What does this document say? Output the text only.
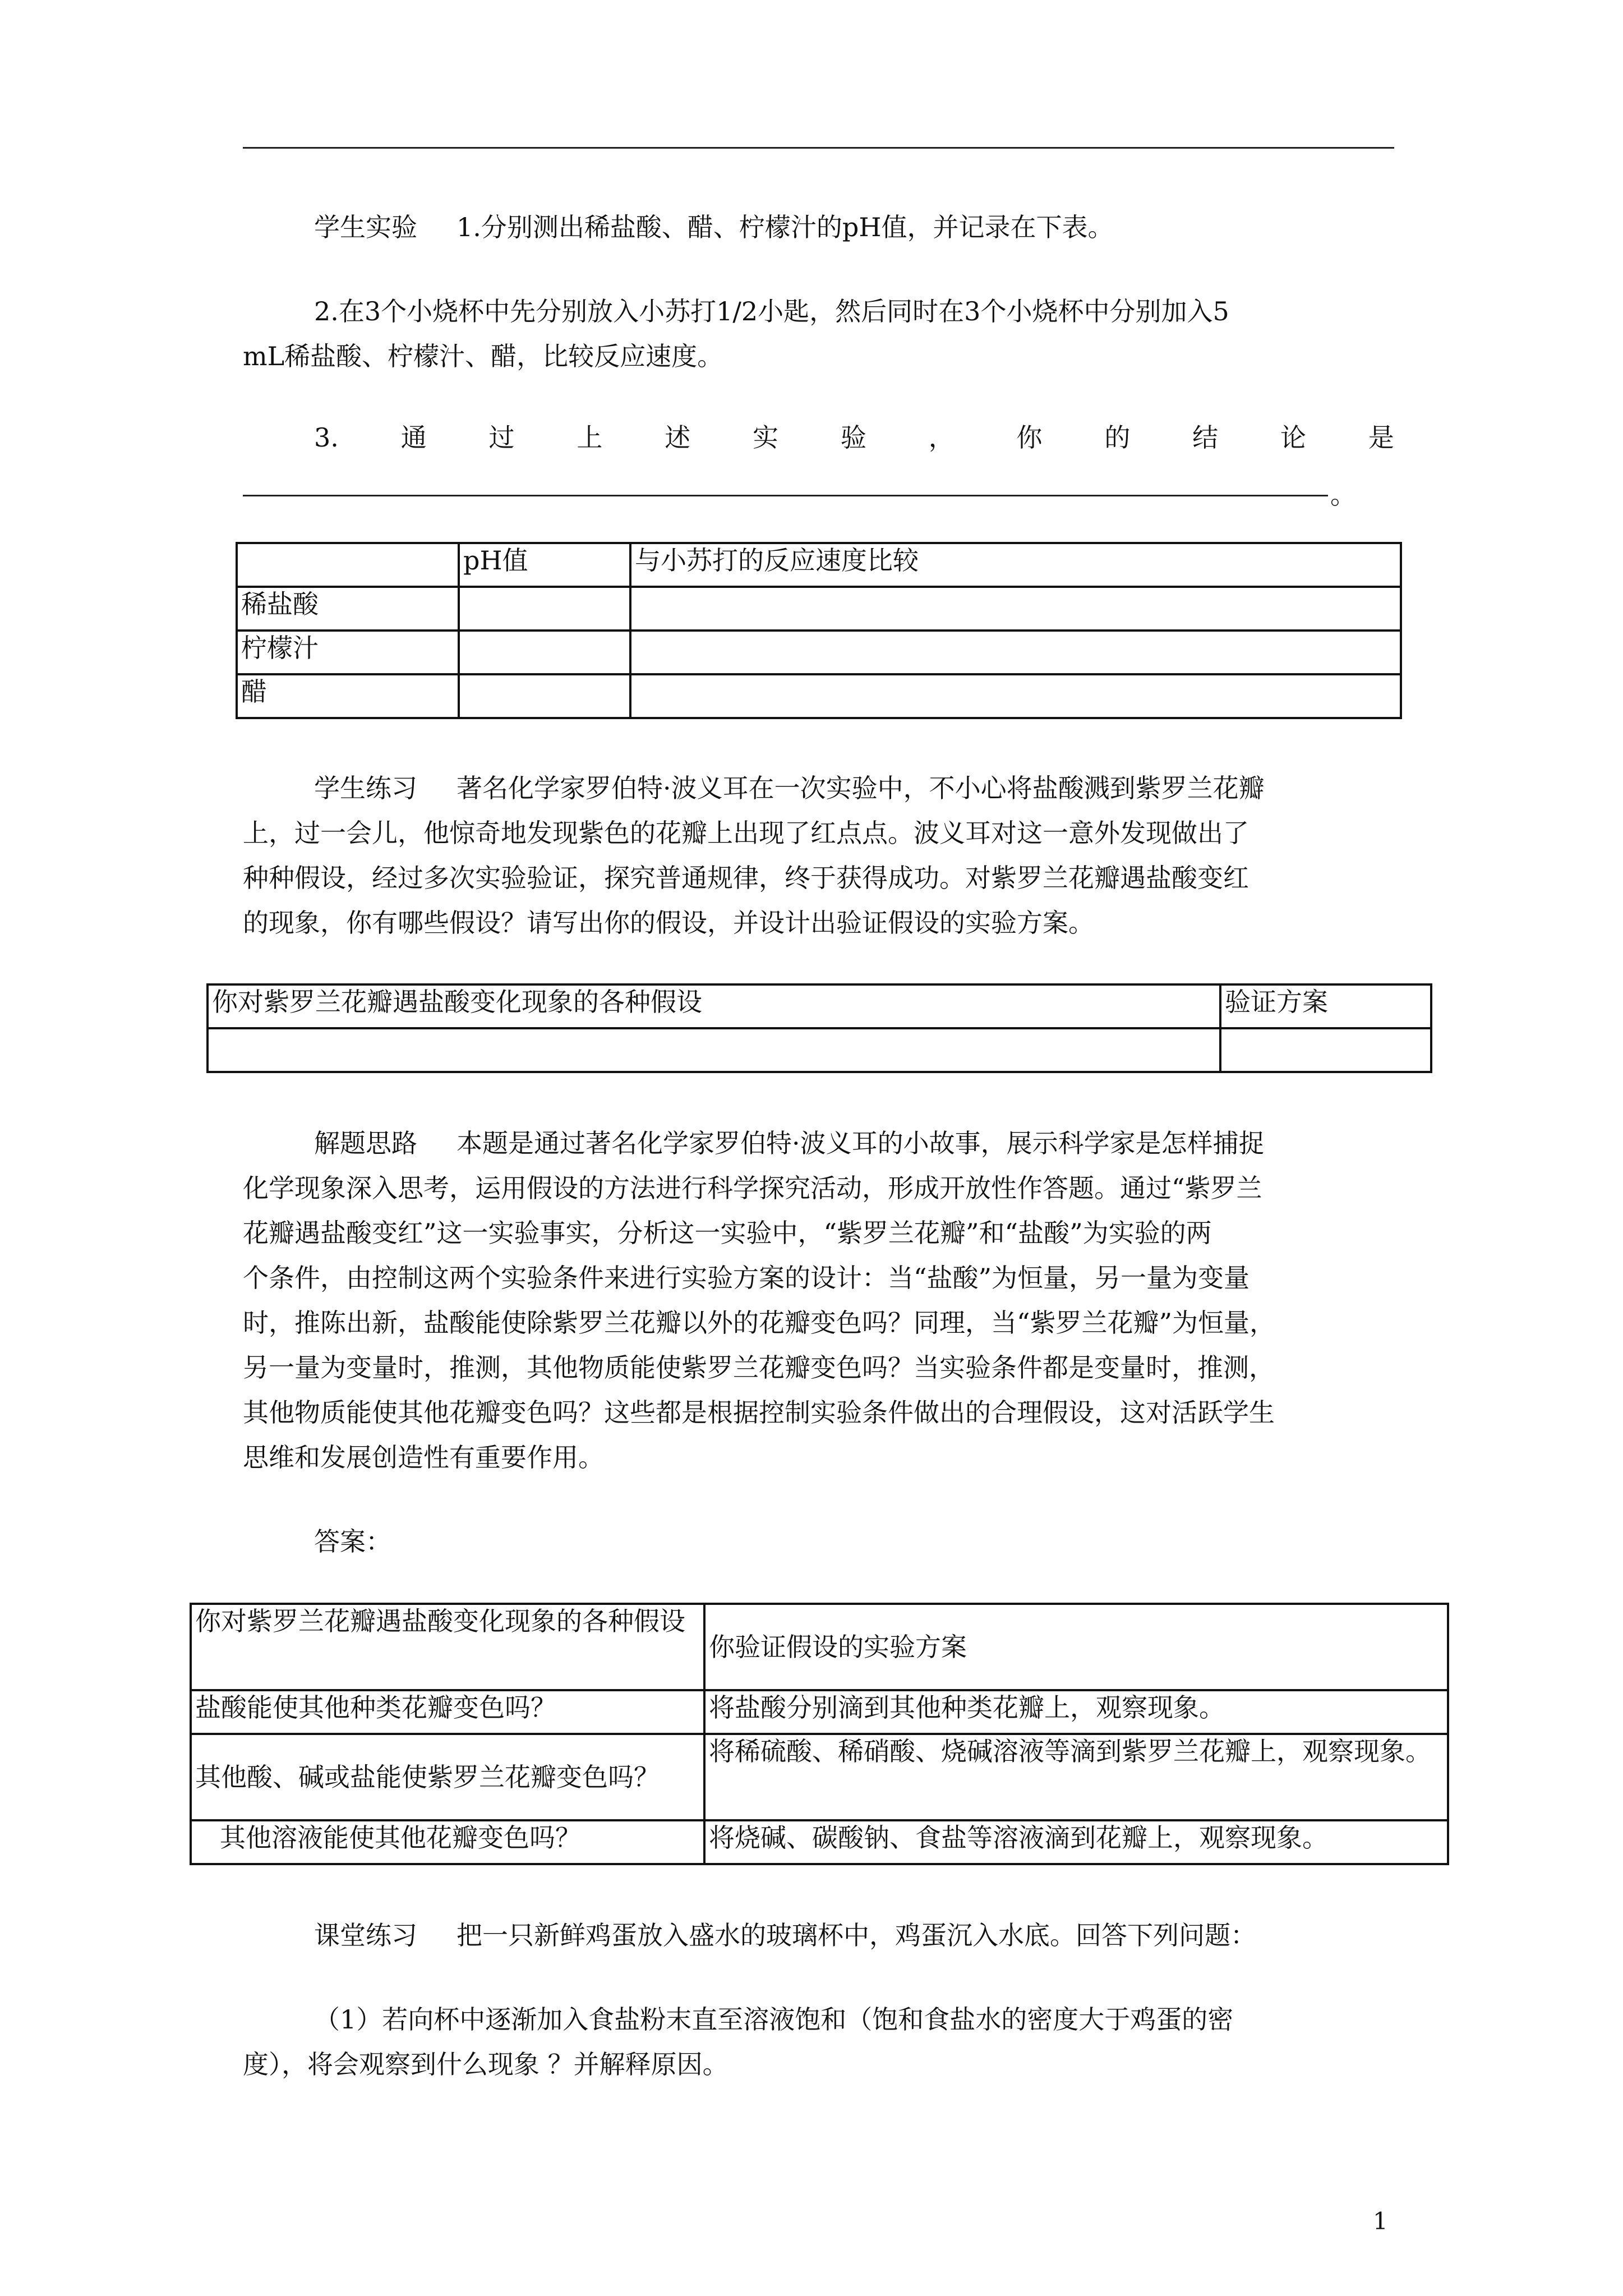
学生实验 1.分别测出稀盐酸、醋、柠檬汁的pH值，并记录在下表。

2.在3个小烧杯中先分别放入小苏打1/2小匙，然后同时在3个小烧杯中分别加入5

mL稀盐酸、柠檬汁、醋，比较反应速度。

3. 通 过 上 述 实 验 ， 你 的 结 论 是
。
	pH值	与小苏打的反应速度比较
稀盐酸		
柠檬汁		
醋		

学生练习 著名化学家罗伯特·波义耳在一次实验中，不小心将盐酸溅到紫罗兰花瓣

上，过一会儿，他惊奇地发现紫色的花瓣上出现了红点点。波义耳对这一意外发现做出了

种种假设，经过多次实验验证，探究普通规律，终于获得成功。对紫罗兰花瓣遇盐酸变红

的现象，你有哪些假设？请写出你的假设，并设计出验证假设的实验方案。

你对紫罗兰花瓣遇盐酸变化现象的各种假设	验证方案

解题思路 本题是通过著名化学家罗伯特·波义耳的小故事，展示科学家是怎样捕捉

化学现象深入思考，运用假设的方法进行科学探究活动，形成开放性作答题。通过“紫罗兰

花瓣遇盐酸变红”这一实验事实，分析这一实验中，“紫罗兰花瓣”和“盐酸”为实验的两

个条件，由控制这两个实验条件来进行实验方案的设计：当“盐酸”为恒量，另一量为变量

时，推陈出新，盐酸能使除紫罗兰花瓣以外的花瓣变色吗？同理，当“紫罗兰花瓣”为恒量，

另一量为变量时，推测，其他物质能使紫罗兰花瓣变色吗？当实验条件都是变量时，推测，

其他物质能使其他花瓣变色吗？这些都是根据控制实验条件做出的合理假设，这对活跃学生

思维和发展创造性有重要作用。

答案：

你对紫罗兰花瓣遇盐酸变化现象的各种假设	你验证假设的实验方案
盐酸能使其他种类花瓣变色吗？	将盐酸分别滴到其他种类花瓣上，观察现象。
其他酸、碱或盐能使紫罗兰花瓣变色吗？	将稀硫酸、稀硝酸、烧碱溶液等滴到紫罗兰花瓣上，观察现象。
其他溶液能使其他花瓣变色吗？	将烧碱、碳酸钠、食盐等溶液滴到花瓣上，观察现象。

课堂练习 把一只新鲜鸡蛋放入盛水的玻璃杯中，鸡蛋沉入水底。回答下列问题：

（1）若向杯中逐渐加入食盐粉末直至溶液饱和（饱和食盐水的密度大于鸡蛋的密

度），将会观察到什么现象 ？并解释原因。

1
